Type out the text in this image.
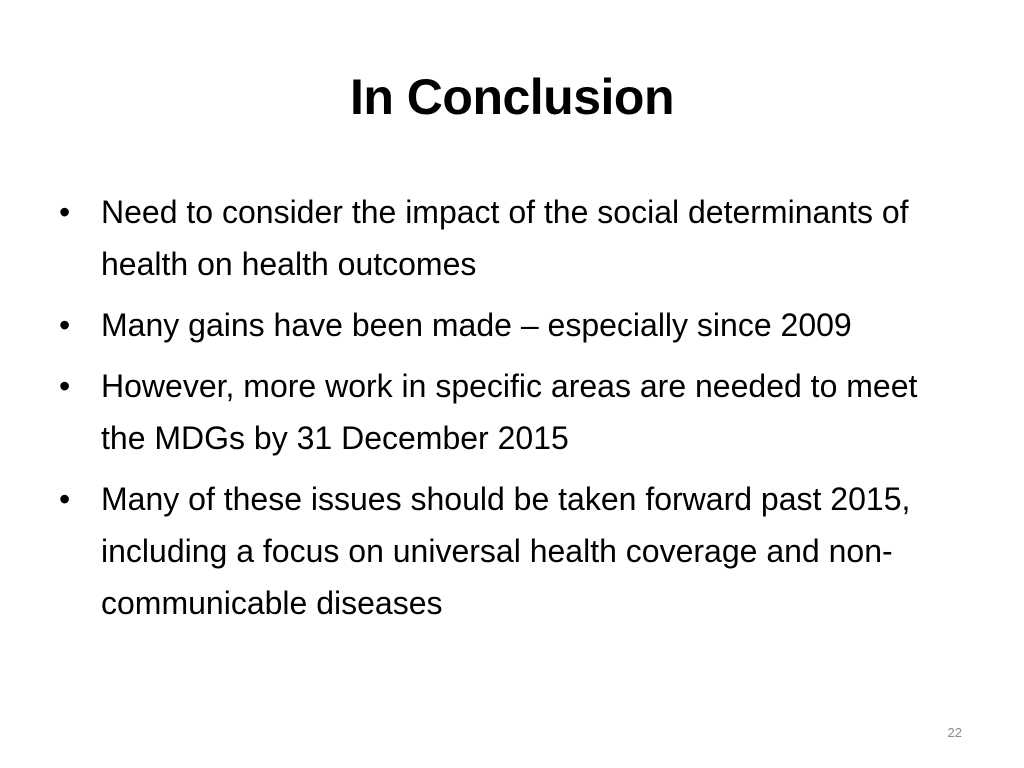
In Conclusion
• Need to consider the impact of the social determinants of health on health outcomes
• Many gains have been made – especially since 2009
• However, more work in specific areas are needed to meet the MDGs by 31 December 2015
• Many of these issues should be taken forward past 2015, including a focus on universal health coverage and non-communicable diseases
22
